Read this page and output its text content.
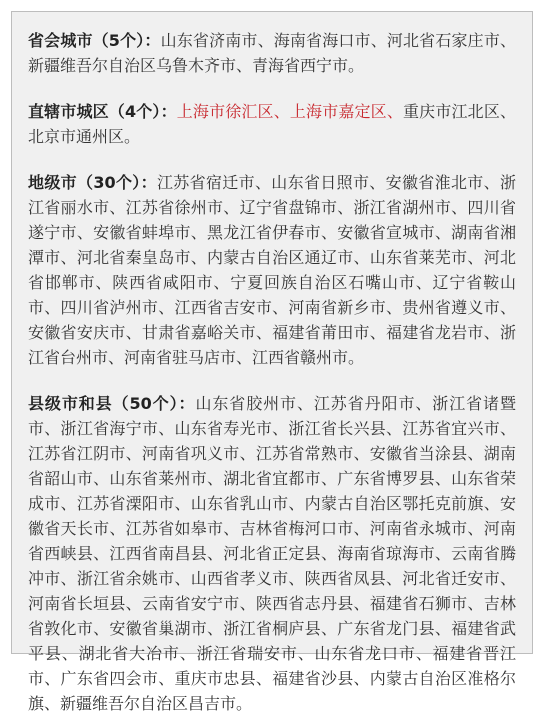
省会城市（5个）：山东省济南市、海南省海口市、河北省石家庄市、新疆维吾尔自治区乌鲁木齐市、青海省西宁市。

直辖市城区（4个）：上海市徐汇区、上海市嘉定区、重庆市江北区、北京市通州区。

地级市（30个）：江苏省宿迁市、山东省日照市、安徽省淮北市、浙江省丽水市、江苏省徐州市、辽宁省盘锦市、浙江省湖州市、四川省遂宁市、安徽省蚌埠市、黑龙江省伊春市、安徽省宣城市、湖南省湘潭市、河北省秦皇岛市、内蒙古自治区通辽市、山东省莱芜市、河北省邯郸市、陕西省咸阳市、宁夏回族自治区石嘴山市、辽宁省鞍山市、四川省泸州市、江西省吉安市、河南省新乡市、贵州省遵义市、安徽省安庆市、甘肃省嘉峪关市、福建省莆田市、福建省龙岩市、浙江省台州市、河南省驻马店市、江西省赣州市。

县级市和县（50个）：山东省胶州市、江苏省丹阳市、浙江省诸暨市、浙江省海宁市、山东省寿光市、浙江省长兴县、江苏省宜兴市、江苏省江阴市、河南省巩义市、江苏省常熟市、安徽省当涂县、湖南省韶山市、山东省莱州市、湖北省宜都市、广东省博罗县、山东省荣成市、江苏省溧阳市、山东省乳山市、内蒙古自治区鄂托克前旗、安徽省天长市、江苏省如皋市、吉林省梅河口市、河南省永城市、河南省西峡县、江西省南昌县、河北省正定县、海南省琼海市、云南省腾冲市、浙江省余姚市、山西省孝义市、陕西省凤县、河北省迁安市、河南省长垣县、云南省安宁市、陕西省志丹县、福建省石狮市、吉林省敦化市、安徽省巢湖市、浙江省桐庐县、广东省龙门县、福建省武平县、湖北省大冶市、浙江省瑞安市、山东省龙口市、福建省晋江市、广东省四会市、重庆市忠县、福建省沙县、内蒙古自治区准格尔旗、新疆维吾尔自治区昌吉市。
